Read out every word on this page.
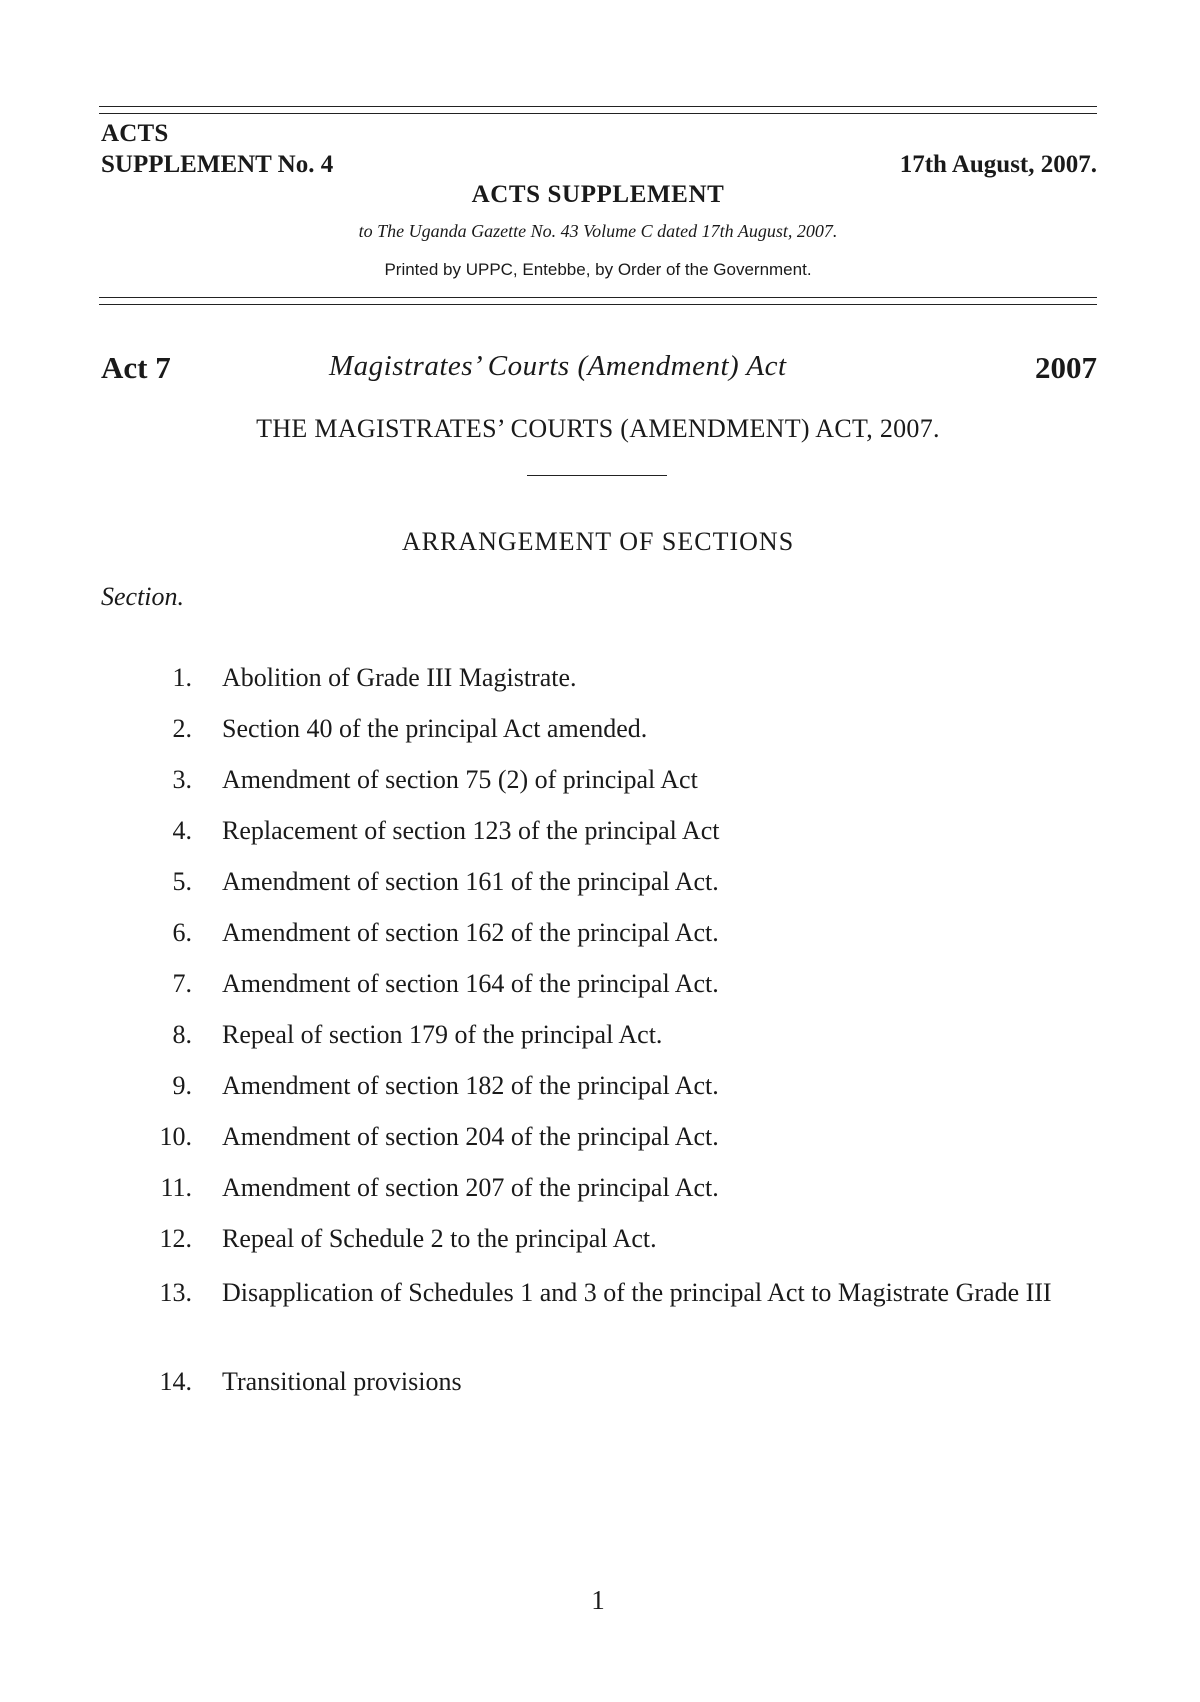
ACTS
SUPPLEMENT No. 4	17th August, 2007.
ACTS SUPPLEMENT
to The Uganda Gazette No. 43 Volume C dated 17th August, 2007.
Printed by UPPC, Entebbe, by Order of the Government.
Act 7	Magistrates’ Courts (Amendment) Act	2007
THE MAGISTRATES’ COURTS (AMENDMENT) ACT, 2007.
ARRANGEMENT OF SECTIONS
Section.
1. Abolition of Grade III Magistrate.
2. Section 40 of the principal Act amended.
3. Amendment of section 75 (2) of principal Act
4. Replacement of section 123 of the principal Act
5. Amendment of section 161 of the principal Act.
6. Amendment of section 162 of the principal Act.
7. Amendment of section 164 of the principal Act.
8. Repeal of section 179 of the principal Act.
9. Amendment of section 182 of the principal Act.
10. Amendment of section 204 of the principal Act.
11. Amendment of section 207 of the principal Act.
12. Repeal of Schedule 2 to the principal Act.
13. Disapplication of Schedules 1 and 3 of the principal Act to Magistrate Grade III
14. Transitional provisions
1
